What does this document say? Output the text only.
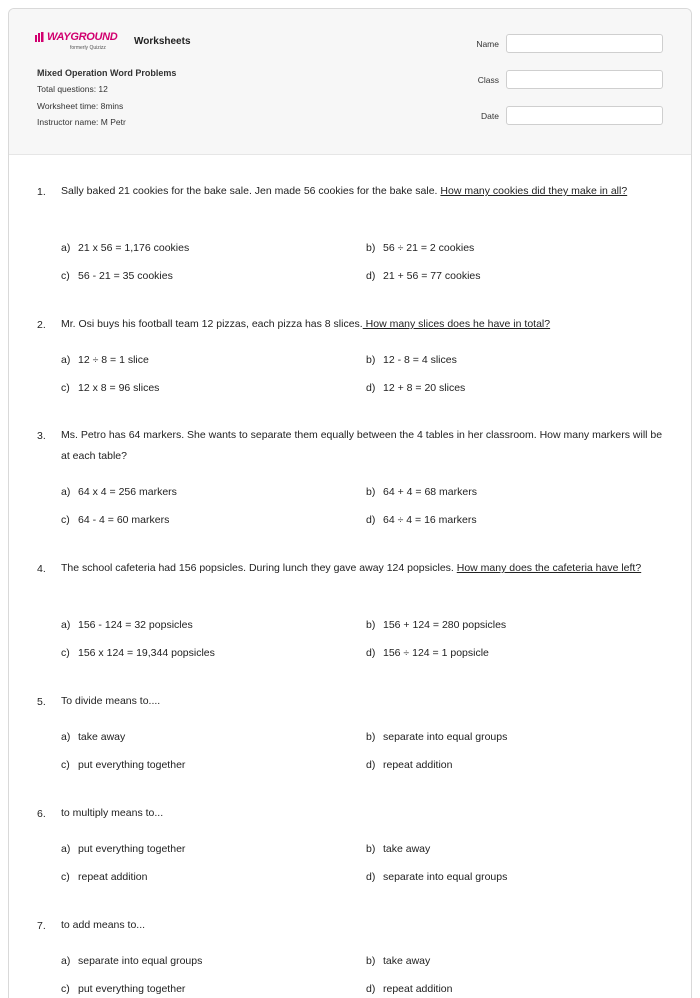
WAYGROUND
formerly Quizizz
Worksheets
Mixed Operation Word Problems
Total questions: 12
Worksheet time: 8mins
Instructor name: M Petr
Name
Class
Date
1. Sally baked 21 cookies for the bake sale. Jen made 56 cookies for the bake sale. How many cookies did they make in all?
a) 21 x 56 = 1,176 cookies	b) 56 ÷ 21 = 2 cookies
c) 56 - 21 = 35 cookies	d) 21 + 56 = 77 cookies
2. Mr. Osi buys his football team 12 pizzas, each pizza has 8 slices. How many slices does he have in total?
a) 12 ÷ 8 = 1 slice	b) 12 - 8 = 4 slices
c) 12 x 8 = 96 slices	d) 12 + 8 = 20 slices
3. Ms. Petro has 64 markers. She wants to separate them equally between the 4 tables in her classroom. How many markers will be at each table?
a) 64 x 4 = 256 markers	b) 64 + 4 = 68 markers
c) 64 - 4 = 60 markers	d) 64 ÷ 4 = 16 markers
4. The school cafeteria had 156 popsicles. During lunch they gave away 124 popsicles. How many does the cafeteria have left?
a) 156 - 124 = 32 popsicles	b) 156 + 124 = 280 popsicles
c) 156 x 124 = 19,344 popsicles	d) 156 ÷ 124 = 1 popsicle
5. To divide means to....
a) take away	b) separate into equal groups
c) put everything together	d) repeat addition
6. to multiply means to...
a) put everything together	b) take away
c) repeat addition	d) separate into equal groups
7. to add means to...
a) separate into equal groups	b) take away
c) put everything together	d) repeat addition
